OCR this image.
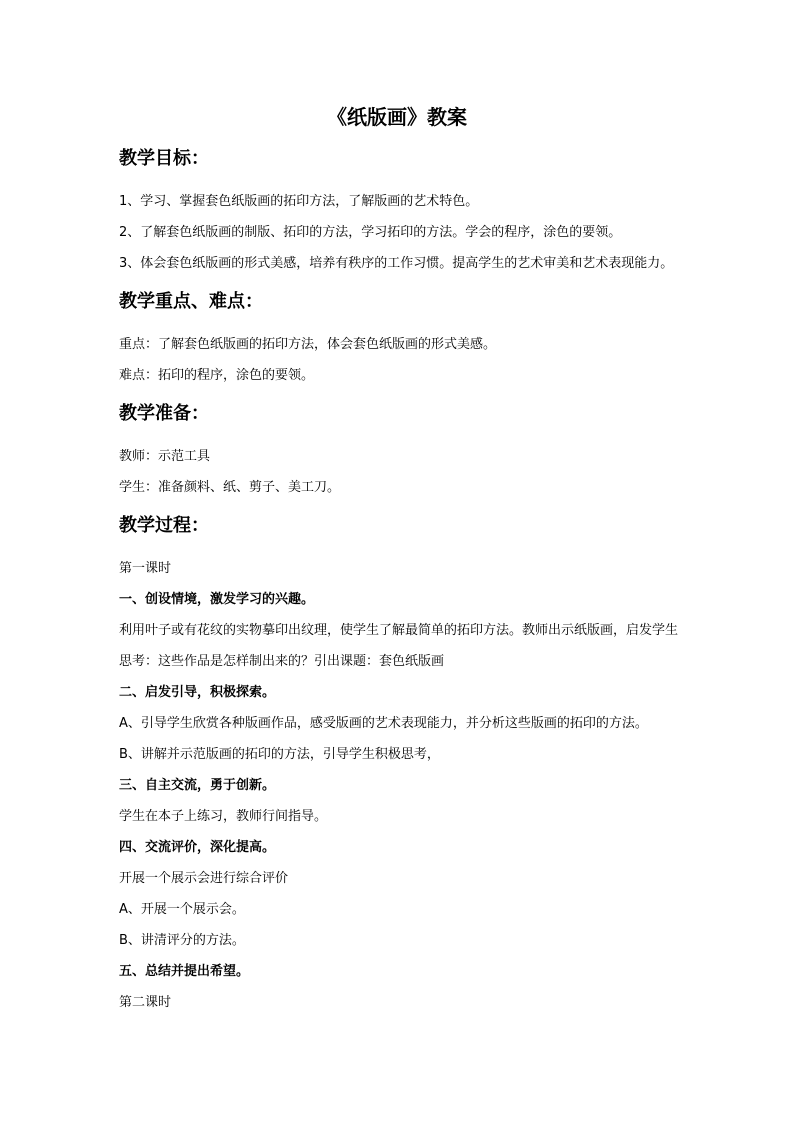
《纸版画》教案
教学目标：
1、学习、掌握套色纸版画的拓印方法，了解版画的艺术特色。
2、了解套色纸版画的制版、拓印的方法，学习拓印的方法。学会的程序，涂色的要领。
3、体会套色纸版画的形式美感，培养有秩序的工作习惯。提高学生的艺术审美和艺术表现能力。
教学重点、难点：
重点：了解套色纸版画的拓印方法，体会套色纸版画的形式美感。
难点：拓印的程序，涂色的要领。
教学准备：
教师：示范工具
学生：准备颜料、纸、剪子、美工刀。
教学过程：
第一课时
一、创设情境，激发学习的兴趣。
利用叶子或有花纹的实物摹印出纹理，使学生了解最简单的拓印方法。教师出示纸版画，启发学生思考：这些作品是怎样制出来的？引出课题：套色纸版画
二、启发引导，积极探索。
A、引导学生欣赏各种版画作品，感受版画的艺术表现能力，并分析这些版画的拓印的方法。
B、讲解并示范版画的拓印的方法，引导学生积极思考，
三、自主交流，勇于创新。
学生在本子上练习，教师行间指导。
四、交流评价，深化提高。
开展一个展示会进行综合评价
A、开展一个展示会。
B、讲清评分的方法。
五、总结并提出希望。
第二课时
